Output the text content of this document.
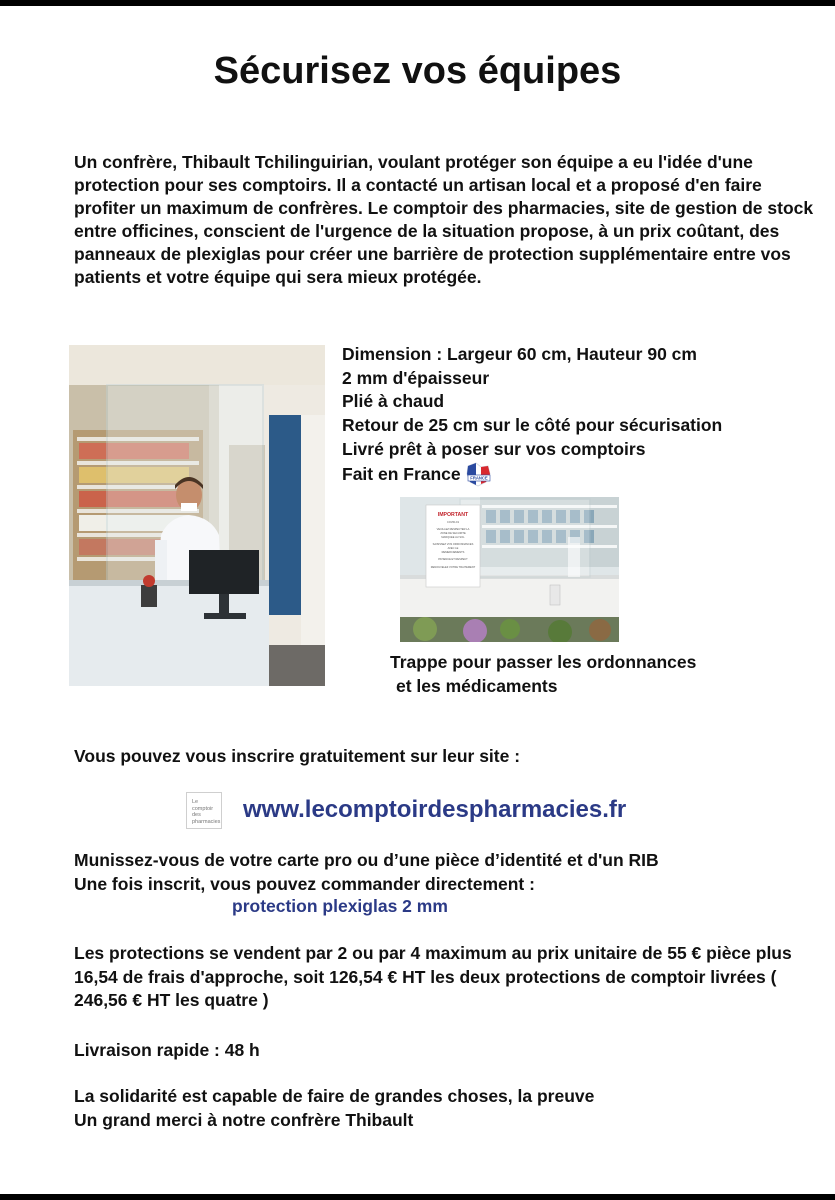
Sécurisez vos équipes

Un confrère, Thibault Tchilinguirian, voulant protéger son équipe a eu l'idée d'une protection pour ses comptoirs. Il a contacté un artisan local et a proposé d'en faire profiter un maximum de confrères. Le comptoir des pharmacies, site de gestion de stock entre officines, conscient de l'urgence de la situation propose, à un prix coûtant, des panneaux de plexiglas pour créer une barrière de protection supplémentaire entre vos patients et votre équipe qui sera mieux protégée.

Dimension : Largeur 60 cm, Hauteur 90 cm
2 mm d'épaisseur
Plié à chaud
Retour de 25 cm sur le côté pour sécurisation
Livré prêt à poser sur vos comptoirs
Fait en France FRANCE
IMPORTANT
COVID-19
VEUILLEZ RESPECTER LA
ZONE DE SECURITE
MARQUEE AU SOL
SAISISSEZ VOS ORDONNANCES
AVEC LE
REMERCIEMENTS
PATIENCE ET RESPECT
RENOUVELEZ VOTRE TRAITEMENT

Trappe pour passer les ordonnances
et les médicaments

Vous pouvez vous inscrire gratuitement sur leur site :

Le
comptoir
des
pharmacies www.lecomptoirdespharmacies.fr

Munissez-vous de votre carte pro ou d’une pièce d’identité et d'un RIB
Une fois inscrit, vous pouvez commander directement :

protection plexiglas 2 mm

Les protections se vendent par 2 ou par 4 maximum au prix unitaire de 55 € pièce plus 16,54 de frais d'approche, soit 126,54 € HT les deux protections de comptoir livrées ( 246,56 € HT les quatre )

Livraison rapide : 48 h

La solidarité est capable de faire de grandes choses, la preuve
Un grand merci à notre confrère Thibault
